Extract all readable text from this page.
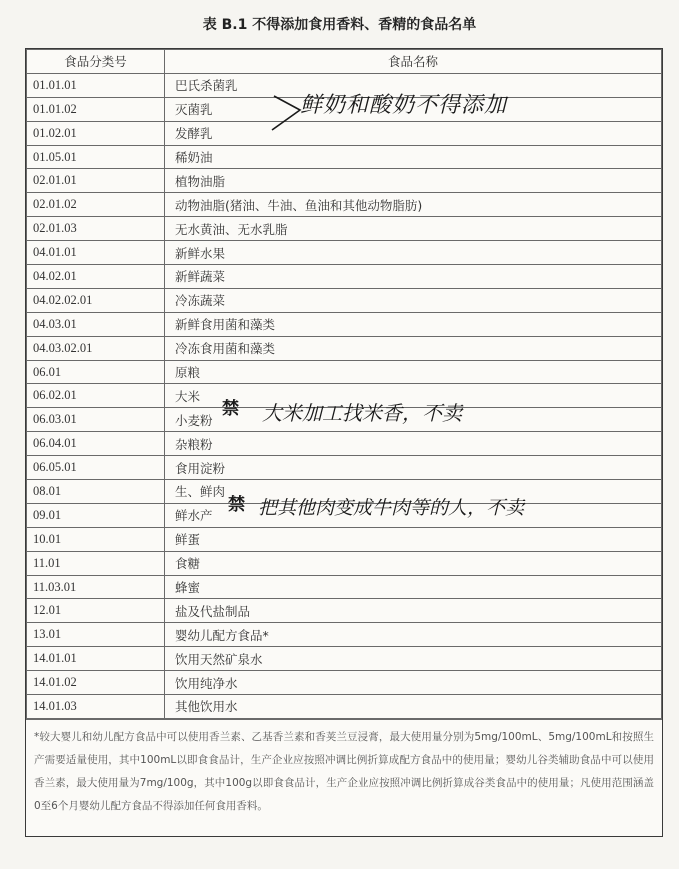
表 B.1 不得添加食用香料、香精的食品名单
食品分类号	食品名称
01.01.01	巴氏杀菌乳
01.01.02	灭菌乳
01.02.01	发酵乳
01.05.01	稀奶油
02.01.01	植物油脂
02.01.02	动物油脂(猪油、牛油、鱼油和其他动物脂肪)
02.01.03	无水黄油、无水乳脂
04.01.01	新鲜水果
04.02.01	新鲜蔬菜
04.02.02.01	冷冻蔬菜
04.03.01	新鲜食用菌和藻类
04.03.02.01	冷冻食用菌和藻类
06.01	原粮
06.02.01	大米
06.03.01	小麦粉
06.04.01	杂粮粉
06.05.01	食用淀粉
08.01	生、鲜肉
09.01	鲜水产
10.01	鲜蛋
11.01	食糖
11.03.01	蜂蜜
12.01	盐及代盐制品
13.01	婴幼儿配方食品*
14.01.01	饮用天然矿泉水
14.01.02	饮用纯净水
14.01.03	其他饮用水
*较大婴儿和幼儿配方食品中可以使用香兰素、乙基香兰素和香荚兰豆浸膏，最大使用量分别为5mg/100mL、5mg/100mL和按照生产需要适量使用，其中100mL以即食食品计，生产企业应按照冲调比例折算成配方食品中的使用量；婴幼儿谷类辅助食品中可以使用香兰素，最大使用量为7mg/100g，其中100g以即食食品计，生产企业应按照冲调比例折算成谷类食品中的使用量；凡使用范围涵盖0至6个月婴幼儿配方食品不得添加任何食用香料。
鲜奶和酸奶不得添加
禁 大米加工找米香，不卖
禁 把其他肉变成牛肉等的人，不卖
